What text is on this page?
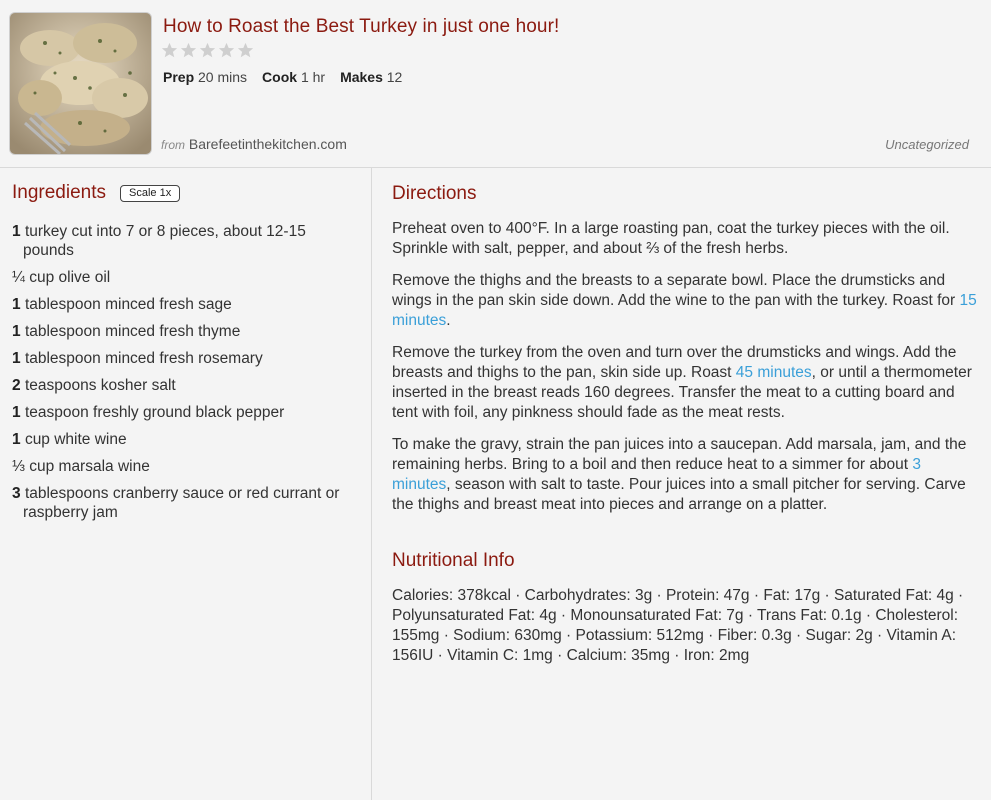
How to Roast the Best Turkey in just one hour!
Prep 20 mins Cook 1 hr Makes 12
from Barefeetinthekitchen.com	Uncategorized
Ingredients	Scale 1x
1 turkey cut into 7 or 8 pieces, about 12-15 pounds
¼ cup olive oil
1 tablespoon minced fresh sage
1 tablespoon minced fresh thyme
1 tablespoon minced fresh rosemary
2 teaspoons kosher salt
1 teaspoon freshly ground black pepper
1 cup white wine
⅓ cup marsala wine
3 tablespoons cranberry sauce or red currant or raspberry jam
Directions

Preheat oven to 400°F. In a large roasting pan, coat the turkey pieces with the oil. Sprinkle with salt, pepper, and about ⅔ of the fresh herbs.

Remove the thighs and the breasts to a separate bowl. Place the drumsticks and wings in the pan skin side down. Add the wine to the pan with the turkey. Roast for 15 minutes.

Remove the turkey from the oven and turn over the drumsticks and wings. Add the breasts and thighs to the pan, skin side up. Roast 45 minutes, or until a thermometer inserted in the breast reads 160 degrees. Transfer the meat to a cutting board and tent with foil, any pinkness should fade as the meat rests.

To make the gravy, strain the pan juices into a saucepan. Add marsala, jam, and the remaining herbs. Bring to a boil and then reduce heat to a simmer for about 3 minutes, season with salt to taste. Pour juices into a small pitcher for serving. Carve the thighs and breast meat into pieces and arrange on a platter.

Nutritional Info
Calories: 378kcal · Carbohydrates: 3g · Protein: 47g · Fat: 17g · Saturated Fat: 4g · Polyunsaturated Fat: 4g · Monounsaturated Fat: 7g · Trans Fat: 0.1g · Cholesterol: 155mg · Sodium: 630mg · Potassium: 512mg · Fiber: 0.3g · Sugar: 2g · Vitamin A: 156IU · Vitamin C: 1mg · Calcium: 35mg · Iron: 2mg
